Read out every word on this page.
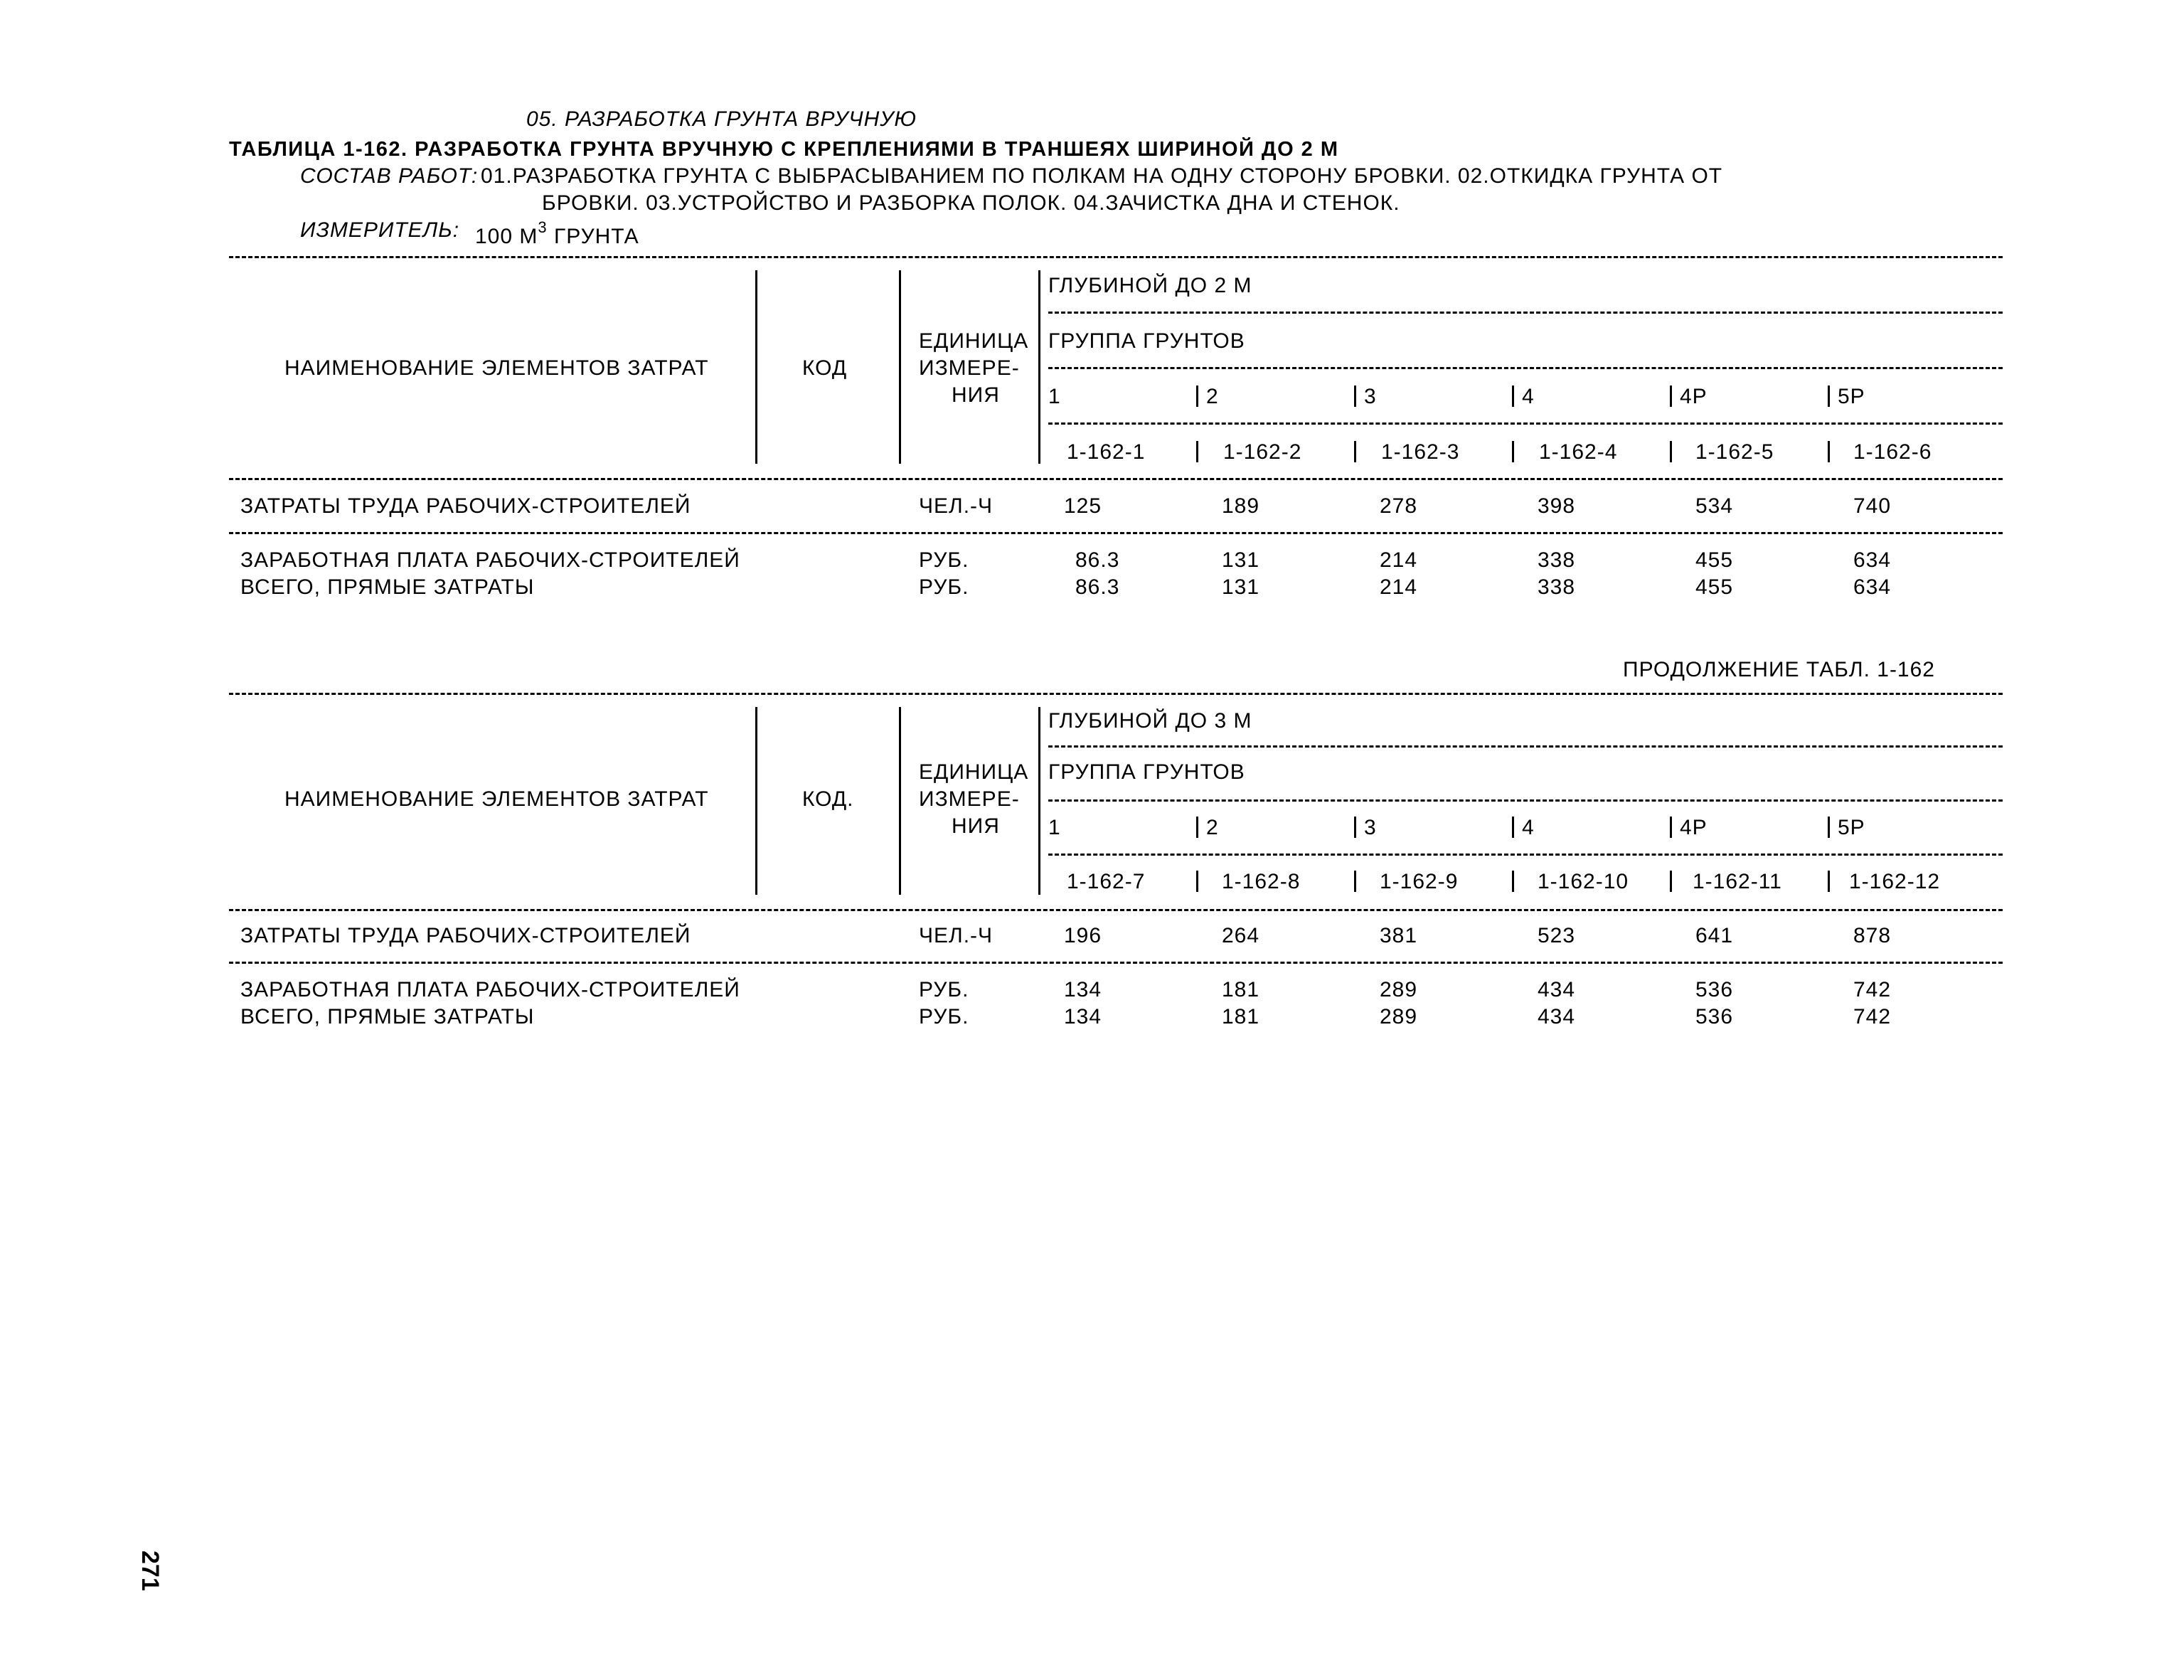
05. РАЗРАБОТКА ГРУНТА ВРУЧНУЮ
ТАБЛИЦА 1-162. РАЗРАБОТКА ГРУНТА ВРУЧНУЮ С КРЕПЛЕНИЯМИ В ТРАНШЕЯХ ШИРИНОЙ ДО 2 М
СОСТАВ РАБОТ: 01.РАЗРАБОТКА ГРУНТА С ВЫБРАСЫВАНИЕМ ПО ПОЛКАМ НА ОДНУ СТОРОНУ БРОВКИ. 02.ОТКИДКА ГРУНТА ОТ
БРОВКИ. 03.УСТРОЙСТВО И РАЗБОРКА ПОЛОК. 04.ЗАЧИСТКА ДНА И СТЕНОК.
ИЗМЕРИТЕЛЬ: 100 $М^3$ ГРУНТА
НАИМЕНОВАНИЕ ЭЛЕМЕНТОВ ЗАТРАТ	КОД
ЕДИНИЦА
ИЗМЕРЕ-
НИЯ
ГЛУБИНОЙ ДО 2 М
ГРУППА ГРУНТОВ
1	2	3	4	4Р	5Р
1-162-1	1-162-2	1-162-3	1-162-4	1-162-5	1-162-6
ЗАТРАТЫ ТРУДА РАБОЧИХ-СТРОИТЕЛЕЙ	ЧЕЛ.-Ч	125	189	278	398	534	740
ЗАРАБОТНАЯ ПЛАТА РАБОЧИХ-СТРОИТЕЛЕЙ	РУБ.	86.3	131	214	338	455	634
ВСЕГО, ПРЯМЫЕ ЗАТРАТЫ	РУБ.	86.3	131	214	338	455	634
ПРОДОЛЖЕНИЕ ТАБЛ. 1-162
НАИМЕНОВАНИЕ ЭЛЕМЕНТОВ ЗАТРАТ	КОД.
ЕДИНИЦА
ИЗМЕРЕ-
НИЯ
ГЛУБИНОЙ ДО 3 М
ГРУППА ГРУНТОВ
1	2	3	4	4Р	5Р
1-162-7	1-162-8	1-162-9	1-162-10	1-162-11	1-162-12
ЗАТРАТЫ ТРУДА РАБОЧИХ-СТРОИТЕЛЕЙ	ЧЕЛ.-Ч	196	264	381	523	641	878
ЗАРАБОТНАЯ ПЛАТА РАБОЧИХ-СТРОИТЕЛЕЙ	РУБ.	134	181	289	434	536	742
ВСЕГО, ПРЯМЫЕ ЗАТРАТЫ	РУБ.	134	181	289	434	536	742
271
